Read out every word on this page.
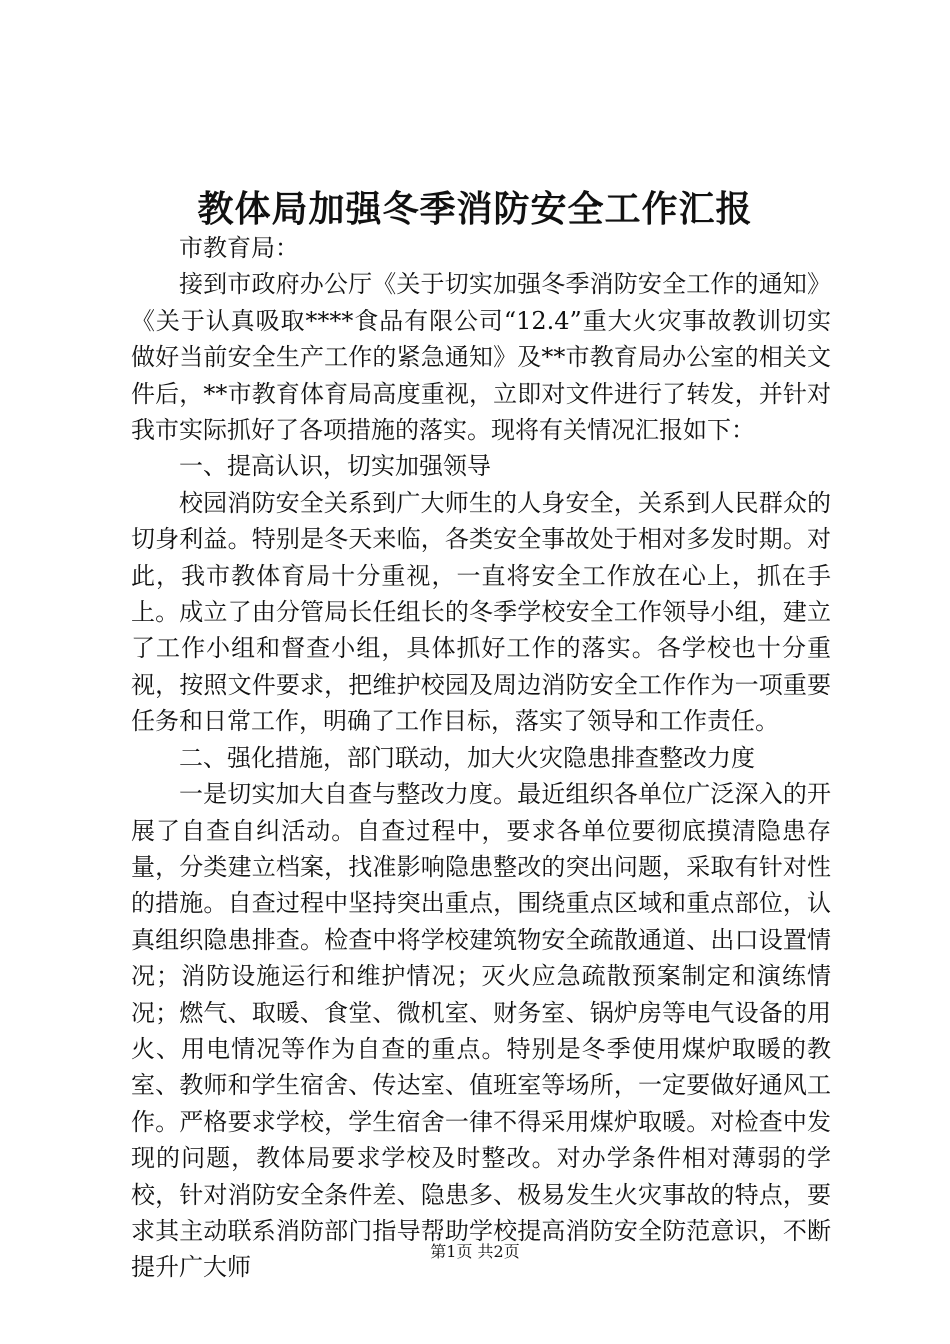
教体局加强冬季消防安全工作汇报

市教育局：

接到市政府办公厅《关于切实加强冬季消防安全工作的通知》《关于认真吸取****食品有限公司“12.4”重大火灾事故教训切实做好当前安全生产工作的紧急通知》及**市教育局办公室的相关文件后，**市教育体育局高度重视，立即对文件进行了转发，并针对我市实际抓好了各项措施的落实。现将有关情况汇报如下：

一、提高认识，切实加强领导

校园消防安全关系到广大师生的人身安全，关系到人民群众的切身利益。特别是冬天来临，各类安全事故处于相对多发时期。对此，我市教体育局十分重视，一直将安全工作放在心上，抓在手上。成立了由分管局长任组长的冬季学校安全工作领导小组，建立了工作小组和督查小组，具体抓好工作的落实。各学校也十分重视，按照文件要求，把维护校园及周边消防安全工作作为一项重要任务和日常工作，明确了工作目标，落实了领导和工作责任。

二、强化措施，部门联动，加大火灾隐患排查整改力度

一是切实加大自查与整改力度。最近组织各单位广泛深入的开展了自查自纠活动。自查过程中，要求各单位要彻底摸清隐患存量，分类建立档案，找准影响隐患整改的突出问题，采取有针对性的措施。自查过程中坚持突出重点，围绕重点区域和重点部位，认真组织隐患排查。检查中将学校建筑物安全疏散通道、出口设置情况；消防设施运行和维护情况；灭火应急疏散预案制定和演练情况；燃气、取暖、食堂、微机室、财务室、锅炉房等电气设备的用火、用电情况等作为自查的重点。特别是冬季使用煤炉取暖的教室、教师和学生宿舍、传达室、值班室等场所，一定要做好通风工作。严格要求学校，学生宿舍一律不得采用煤炉取暖。对检查中发现的问题，教体局要求学校及时整改。对办学条件相对薄弱的学校，针对消防安全条件差、隐患多、极易发生火灾事故的特点，要求其主动联系消防部门指导帮助学校提高消防安全防范意识，不断提升广大师

第1页 共2页
